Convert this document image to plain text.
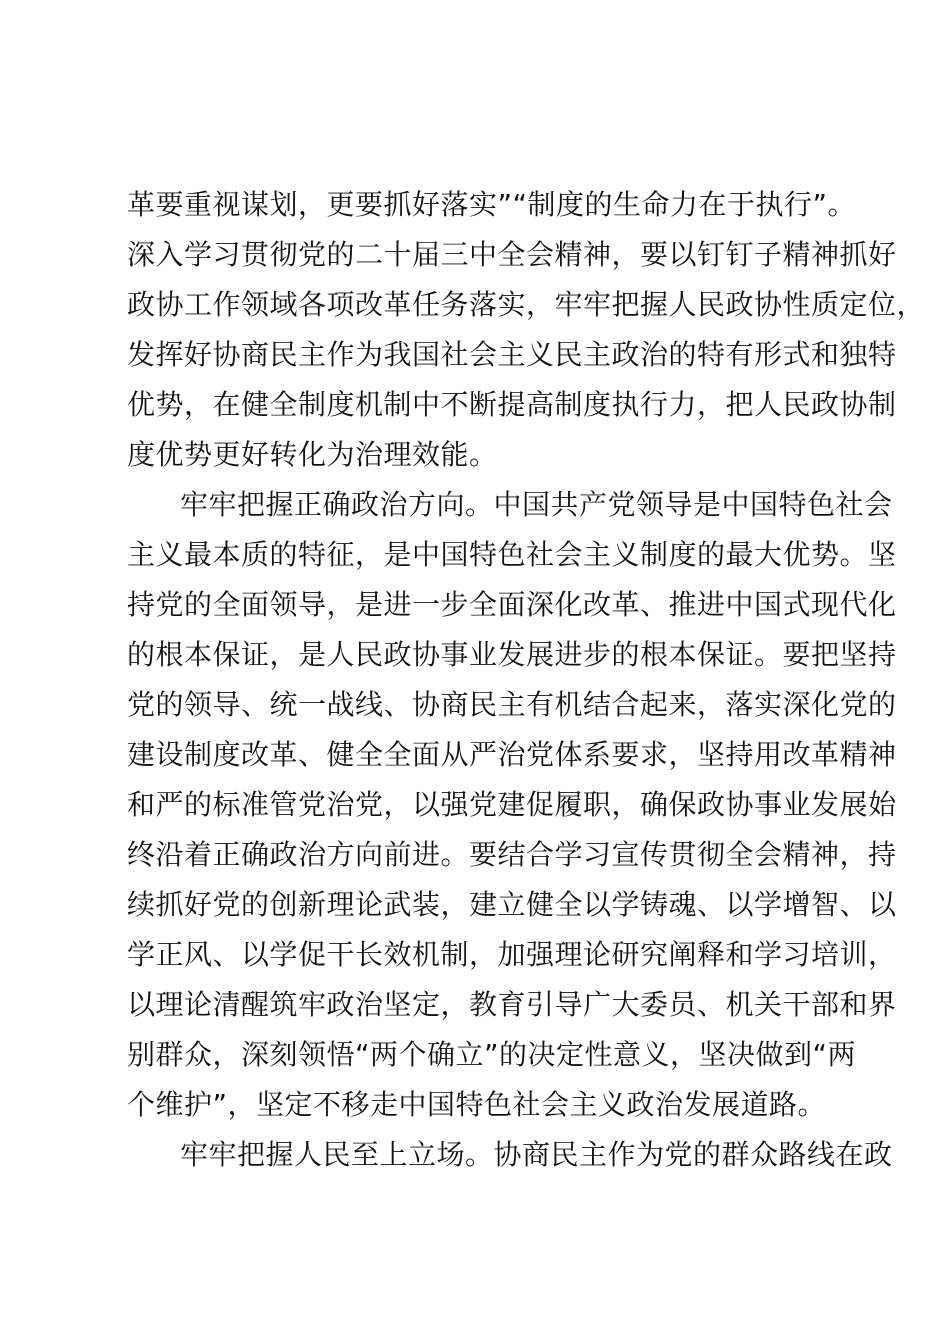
革要重视谋划，更要抓好落实”“制度的生命力在于执行”。
深入学习贯彻党的二十届三中全会精神，要以钉钉子精神抓好
政协工作领域各项改革任务落实，牢牢把握人民政协性质定位，
发挥好协商民主作为我国社会主义民主政治的特有形式和独特
优势，在健全制度机制中不断提高制度执行力，把人民政协制
度优势更好转化为治理效能。
牢牢把握正确政治方向。中国共产党领导是中国特色社会
主义最本质的特征，是中国特色社会主义制度的最大优势。坚
持党的全面领导，是进一步全面深化改革、推进中国式现代化
的根本保证，是人民政协事业发展进步的根本保证。要把坚持
党的领导、统一战线、协商民主有机结合起来，落实深化党的
建设制度改革、健全全面从严治党体系要求，坚持用改革精神
和严的标准管党治党，以强党建促履职，确保政协事业发展始
终沿着正确政治方向前进。要结合学习宣传贯彻全会精神，持
续抓好党的创新理论武装，建立健全以学铸魂、以学增智、以
学正风、以学促干长效机制，加强理论研究阐释和学习培训，
以理论清醒筑牢政治坚定，教育引导广大委员、机关干部和界
别群众，深刻领悟“两个确立”的决定性意义，坚决做到“两
个维护”，坚定不移走中国特色社会主义政治发展道路。
牢牢把握人民至上立场。协商民主作为党的群众路线在政
